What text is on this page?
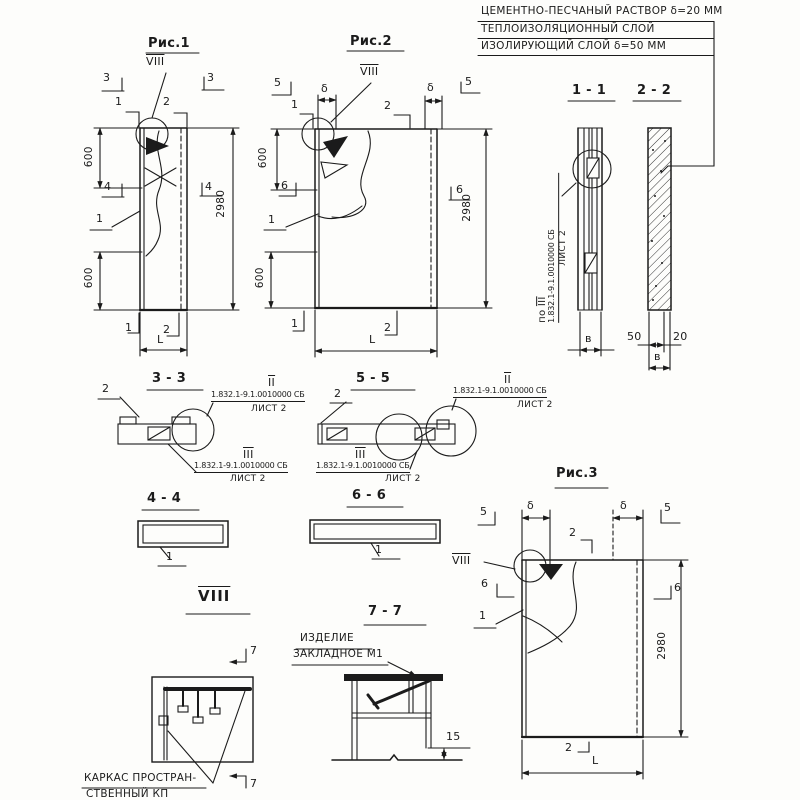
ЦЕМЕНТНО-ПЕСЧАНЫЙ РАСТВОР δ=20 ММ
ТЕПЛОИЗОЛЯЦИОННЫЙ СЛОЙ
ИЗОЛИРУЮЩИЙ СЛОЙ δ=50 ММ
Рис.1
VIII
3	3
1	2
600
4	4
1
600
2980
1	2
L
Рис.2
VIII
5	δ
1	2
δ	5
600
6	6
1
600
2980
1	2
L
1 - 1 2 - 2
по $\overline{III}$ 1.832.1-9.1.0010000 СБ ЛИСТ 2
в	50	20
в
3 - 3
2	$\overline{II}$
1.832.1-9.1.0010000 СБ
ЛИСТ 2
$\overline{III}$
1.832.1-9.1.0010000 СБ
ЛИСТ 2
5 - 5
2
$\overline{II}$
1.832.1-9.1.0010000 СБ
ЛИСТ 2
$\overline{III}$
1.832.1-9.1.0010000 СБ
ЛИСТ 2
4 - 4
1
6 - 6
1
Рис.3
5	δ
2
δ	5
VIII
6	6
1
2980
2
L
VIII
7
7
КАРКАС ПРОСТРАН-
СТВЕННЫЙ КП
7 - 7
ИЗДЕЛИЕ
ЗАКЛАДНОЕ М1
15
